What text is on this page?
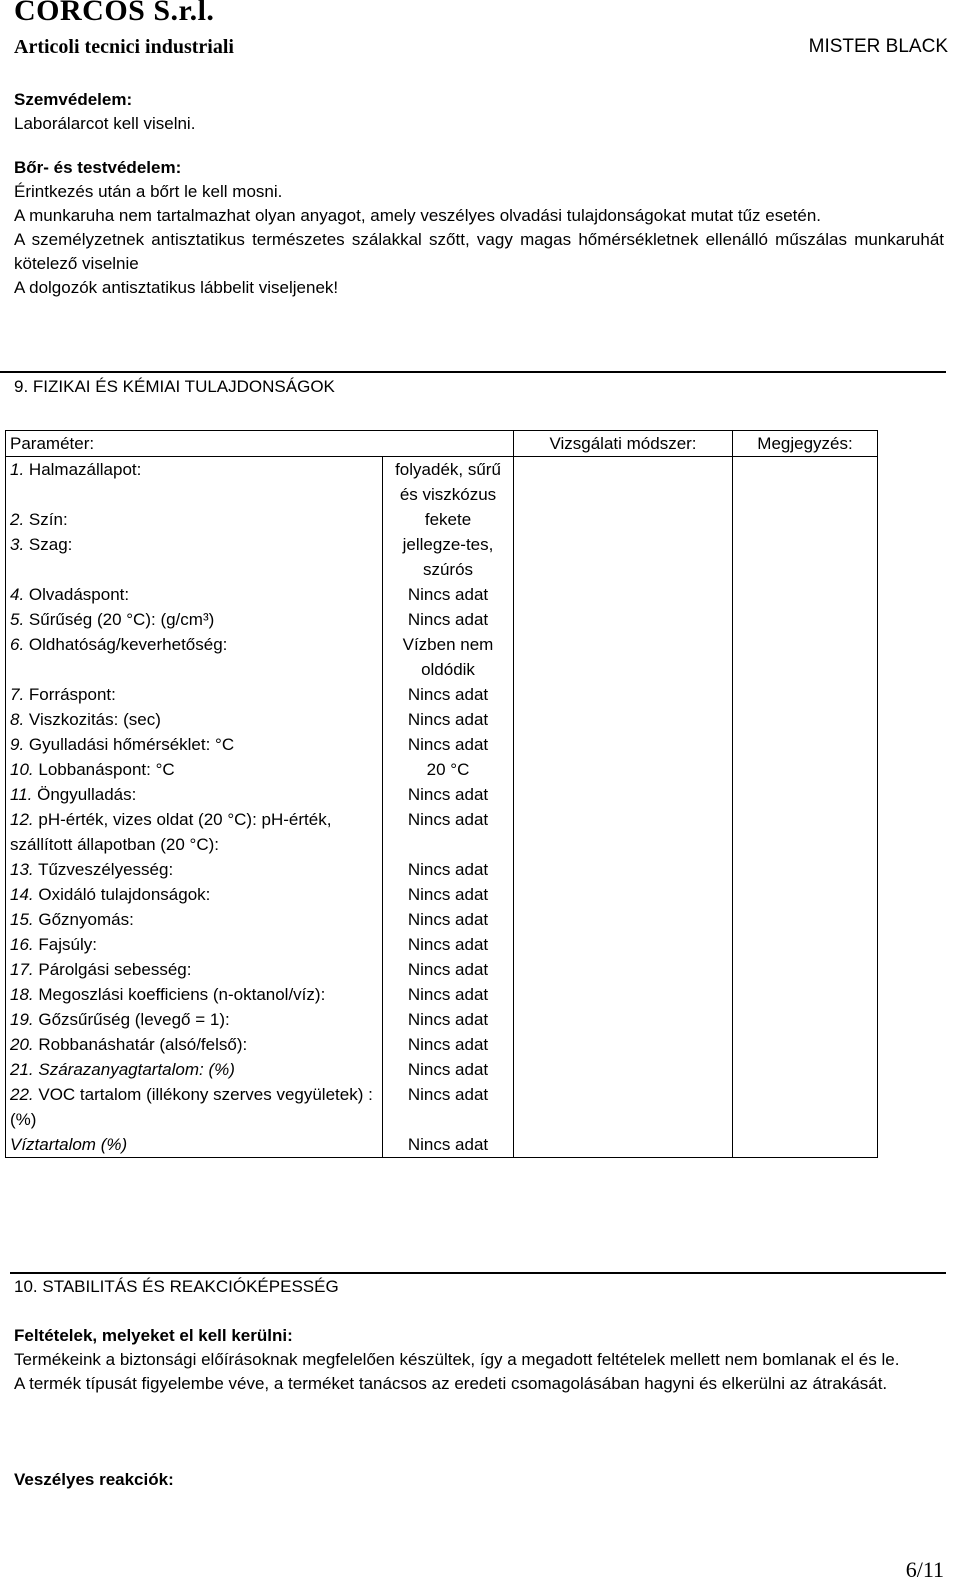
CORCOS S.r.l.
Articoli tecnici industriali	MISTER BLACK
Szemvédelem:
Laborálarcot kell viselni.
Bőr- és testvédelem:
Érintkezés után a bőrt le kell mosni.
A munkaruha nem tartalmazhat olyan anyagot, amely veszélyes olvadási tulajdonságokat mutat tűz esetén.
A személyzetnek antisztatikus természetes szálakkal szőtt, vagy magas hőmérsékletnek ellenálló műszálas munkaruhát kötelező viselnie
A dolgozók antisztatikus lábbelit viseljenek!
9. FIZIKAI ÉS KÉMIAI TULAJDONSÁGOK
Paraméter:		Vizsgálati módszer:	Megjegyzés:
1. Halmazállapot:	folyadék, sűrű és viszkózus		
2. Szín:	fekete		
3. Szag:	jellegze-tes, szúrós		
4. Olvadáspont:	Nincs adat		
5. Sűrűség (20 °C): (g/cm³)	Nincs adat		
6. Oldhatóság/keverhetőség:	Vízben nem oldódik		
7. Forráspont:	Nincs adat		
8. Viszkozitás: (sec)	Nincs adat		
9. Gyulladási hőmérséklet: °C	Nincs adat		
10. Lobbanáspont: °C	20 °C		
11. Öngyulladás:	Nincs adat		
12. pH-érték, vizes oldat (20 °C): pH-érték, szállított állapotban (20 °C):	Nincs adat		
13. Tűzveszélyesség:	Nincs adat		
14. Oxidáló tulajdonságok:	Nincs adat		
15. Gőznyomás:	Nincs adat		
16. Fajsúly:	Nincs adat		
17. Párolgási sebesség:	Nincs adat		
18. Megoszlási koefficiens (n-oktanol/víz):	Nincs adat		
19. Gőzsűrűség (levegő = 1):	Nincs adat		
20. Robbanáshatár (alsó/felső):	Nincs adat		
21. Szárazanyagtartalom: (%)	Nincs adat		
22. VOC tartalom (illékony szerves vegyületek) : (%)	Nincs adat		
Víztartalom (%)	Nincs adat		
10. STABILITÁS ÉS REAKCIÓKÉPESSÉG
Feltételek, melyeket el kell kerülni:
Termékeink a biztonsági előírásoknak megfelelően készültek, így a megadott feltételek mellett nem bomlanak el és le.
A termék típusát figyelembe véve, a terméket tanácsos az eredeti csomagolásában hagyni és elkerülni az átrakását.
Veszélyes reakciók:
6/11
